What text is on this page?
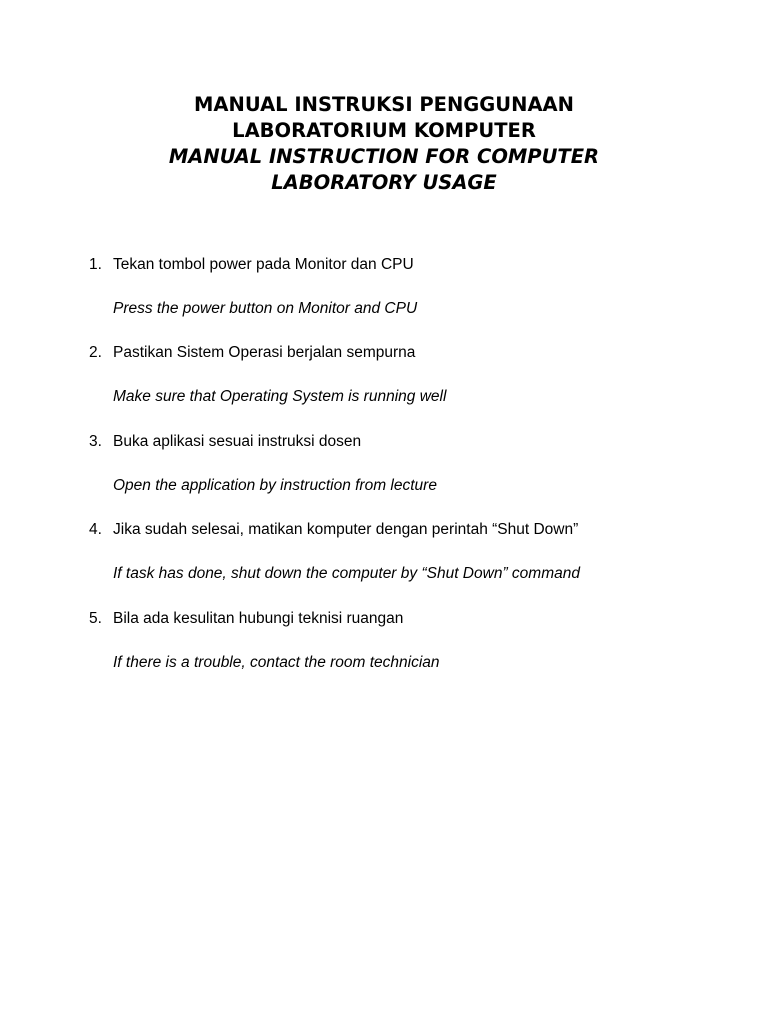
MANUAL INSTRUKSI PENGGUNAAN
LABORATORIUM KOMPUTER
MANUAL INSTRUCTION FOR COMPUTER
LABORATORY USAGE
1. Tekan tombol power pada Monitor dan CPU
Press the power button on Monitor and CPU
2. Pastikan Sistem Operasi berjalan sempurna
Make sure that Operating System is running well
3. Buka aplikasi sesuai instruksi dosen
Open the application by instruction from lecture
4. Jika sudah selesai, matikan komputer dengan perintah “Shut Down”
If task has done, shut down the computer by “Shut Down” command
5. Bila ada kesulitan hubungi teknisi ruangan
If there is a trouble, contact the room technician
